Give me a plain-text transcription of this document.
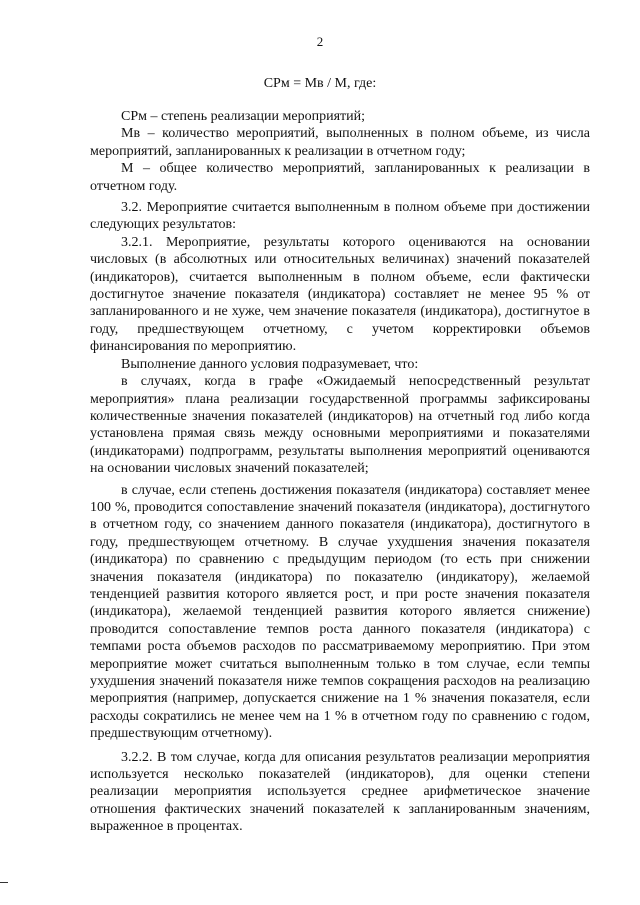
2
СРм = Мв / М, где:

СРм – степень реализации мероприятий;

Мв – количество мероприятий, выполненных в полном объеме, из числа мероприятий, запланированных к реализации в отчетном году;

М – общее количество мероприятий, запланированных к реализации в отчетном году.

3.2. Мероприятие считается выполненным в полном объеме при достижении следующих результатов:

3.2.1. Мероприятие, результаты которого оцениваются на основании числовых (в абсолютных или относительных величинах) значений показателей (индикаторов), считается выполненным в полном объеме, если фактически достигнутое значение показателя (индикатора) составляет не менее 95 % от запланированного и не хуже, чем значение показателя (индикатора), достигнутое в году, предшествующем отчетному, с учетом корректировки объемов финансирования по мероприятию.

Выполнение данного условия подразумевает, что:

в случаях, когда в графе «Ожидаемый непосредственный результат мероприятия» плана реализации государственной программы зафиксированы количественные значения показателей (индикаторов) на отчетный год либо когда установлена прямая связь между основными мероприятиями и показателями (индикаторами) подпрограмм, результаты выполнения мероприятий оцениваются на основании числовых значений показателей;

в случае, если степень достижения показателя (индикатора) составляет менее 100 %, проводится сопоставление значений показателя (индикатора), достигнутого в отчетном году, со значением данного показателя (индикатора), достигнутого в году, предшествующем отчетному. В случае ухудшения значения показателя (индикатора) по сравнению с предыдущим периодом (то есть при снижении значения показателя (индикатора) по показателю (индикатору), желаемой тенденцией развития которого является рост, и при росте значения показателя (индикатора), желаемой тенденцией развития которого является снижение) проводится сопоставление темпов роста данного показателя (индикатора) с темпами роста объемов расходов по рассматриваемому мероприятию. При этом мероприятие может считаться выполненным только в том случае, если темпы ухудшения значений показателя ниже темпов сокращения расходов на реализацию мероприятия (например, допускается снижение на 1 % значения показателя, если расходы сократились не менее чем на 1 % в отчетном году по сравнению с годом, предшествующим отчетному).

3.2.2. В том случае, когда для описания результатов реализации мероприятия используется несколько показателей (индикаторов), для оценки степени реализации мероприятия используется среднее арифметическое значение отношения фактических значений показателей к запланированным значениям, выраженное в процентах.
